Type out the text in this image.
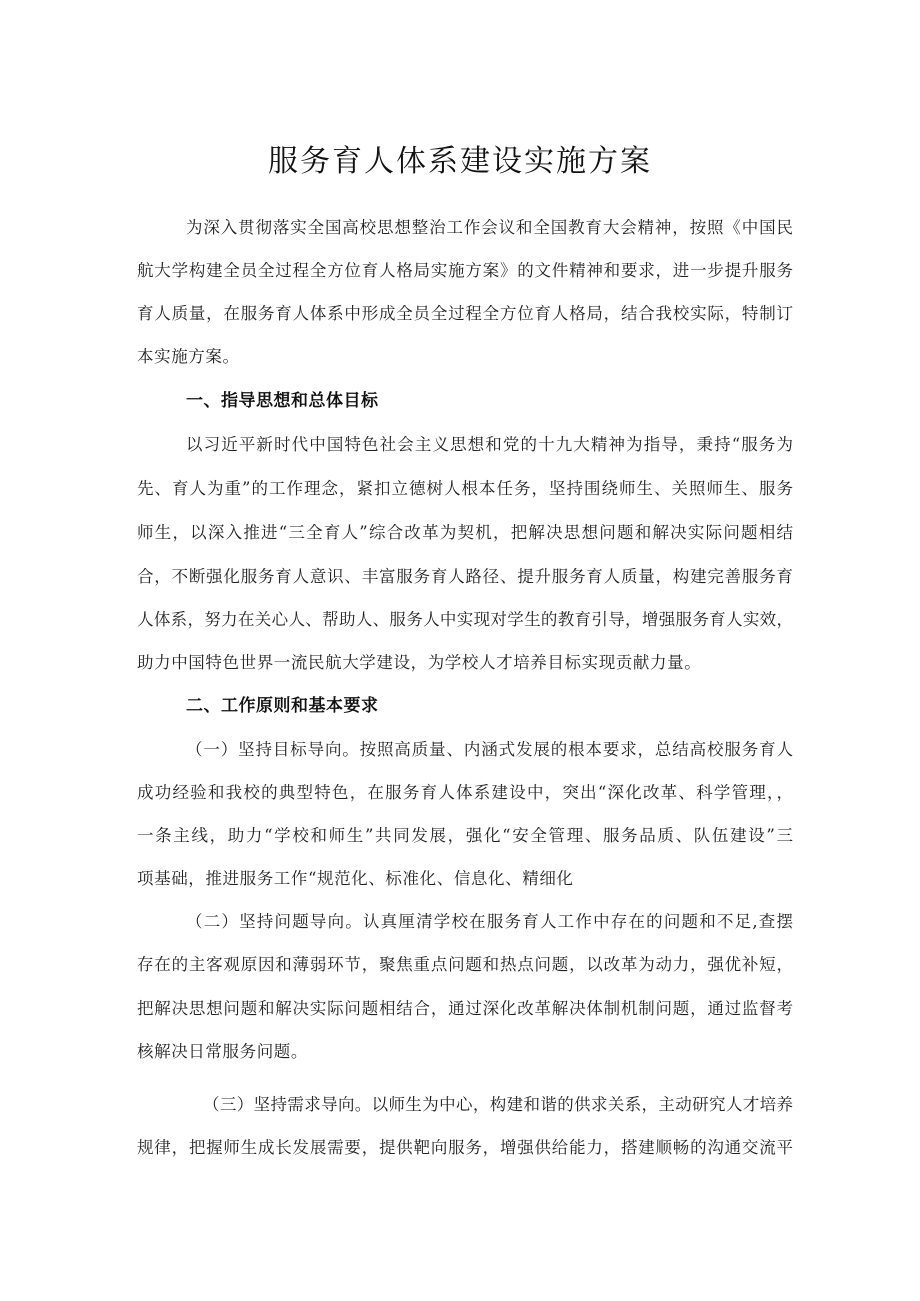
服务育人体系建设实施方案
为深入贯彻落实全国高校思想整治工作会议和全国教育大会精神，按照《中国民
航大学构建全员全过程全方位育人格局实施方案》的文件精神和要求，进一步提升服务
育人质量，在服务育人体系中形成全员全过程全方位育人格局，结合我校实际，特制订
本实施方案。
一、指导思想和总体目标
以习近平新时代中国特色社会主义思想和党的十九大精神为指导，秉持“服务为
先、育人为重”的工作理念，紧扣立德树人根本任务，坚持围绕师生、关照师生、服务
师生，以深入推进“三全育人”综合改革为契机，把解决思想问题和解决实际问题相结
合，不断强化服务育人意识、丰富服务育人路径、提升服务育人质量，构建完善服务育
人体系，努力在关心人、帮助人、服务人中实现对学生的教育引导，增强服务育人实效，
助力中国特色世界一流民航大学建设，为学校人才培养目标实现贡献力量。
二、工作原则和基本要求
（一）坚持目标导向。按照高质量、内涵式发展的根本要求，总结高校服务育人
成功经验和我校的典型特色，在服务育人体系建设中，突出“深化改革、科学管理，，
一条主线，助力“学校和师生”共同发展，强化“安全管理、服务品质、队伍建设”三
项基础，推进服务工作“规范化、标准化、信息化、精细化
（二）坚持问题导向。认真厘清学校在服务育人工作中存在的问题和不足,查摆
存在的主客观原因和薄弱环节，聚焦重点问题和热点问题，以改革为动力，强优补短，
把解决思想问题和解决实际问题相结合，通过深化改革解决体制机制问题，通过监督考
核解决日常服务问题。
（三）坚持需求导向。以师生为中心，构建和谐的供求关系，主动研究人才培养
规律，把握师生成长发展需要，提供靶向服务，增强供给能力，搭建顺畅的沟通交流平
